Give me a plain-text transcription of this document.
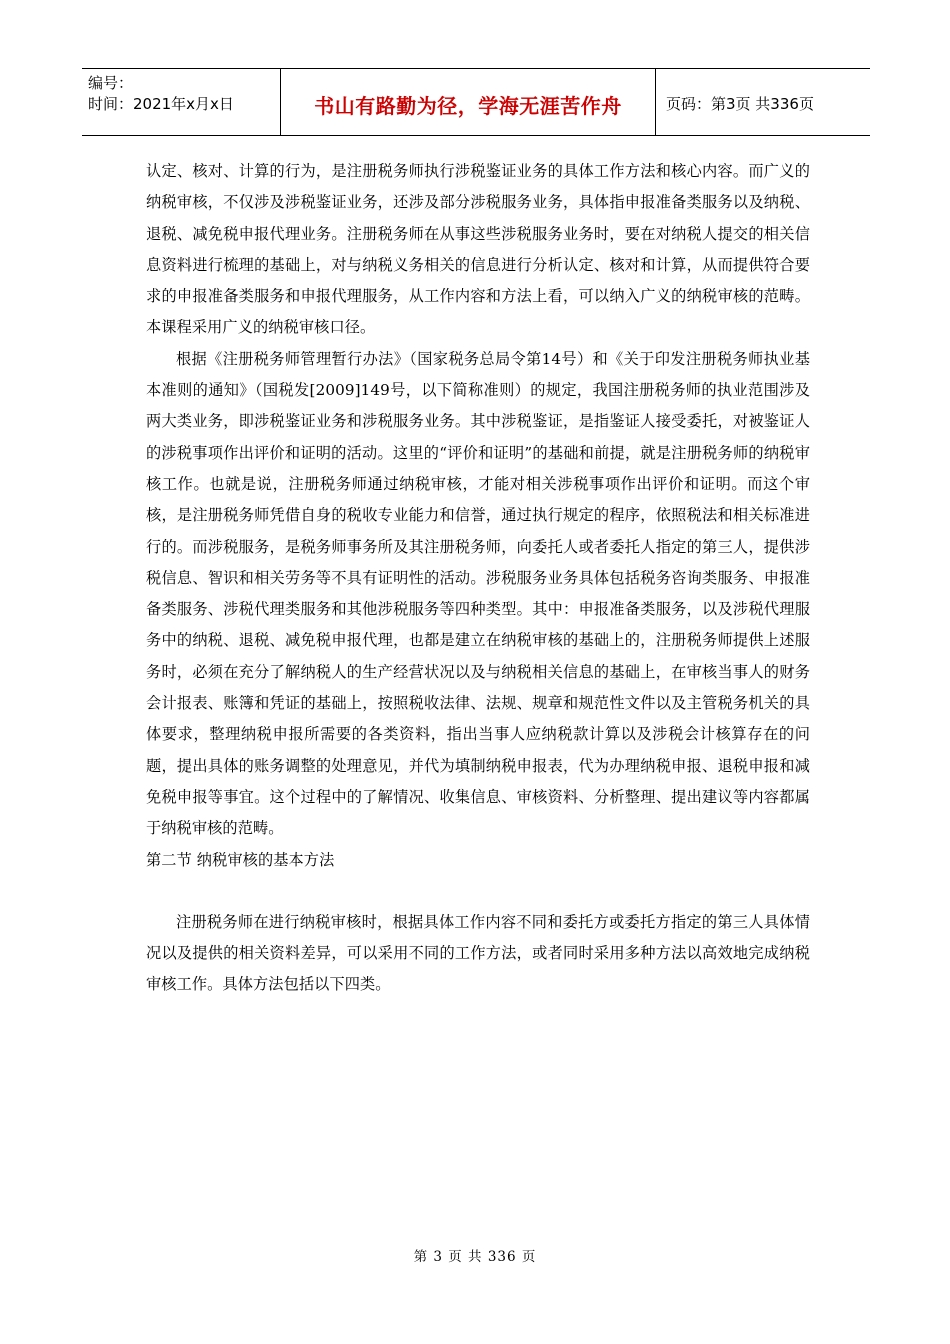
编号：
时间：2021年x月x日	书山有路勤为径，学海无涯苦作舟	页码：第3页 共336页

认定、核对、计算的行为，是注册税务师执行涉税鉴证业务的具体工作方法和核心内容。而广义的纳税审核，不仅涉及涉税鉴证业务，还涉及部分涉税服务业务，具体指申报准备类服务以及纳税、退税、减免税申报代理业务。注册税务师在从事这些涉税服务业务时，要在对纳税人提交的相关信息资料进行梳理的基础上，对与纳税义务相关的信息进行分析认定、核对和计算，从而提供符合要求的申报准备类服务和申报代理服务，从工作内容和方法上看，可以纳入广义的纳税审核的范畴。本课程采用广义的纳税审核口径。

根据《注册税务师管理暂行办法》（国家税务总局令第14号）和《关于印发注册税务师执业基本准则的通知》（国税发[2009]149号，以下简称准则）的规定，我国注册税务师的执业范围涉及两大类业务，即涉税鉴证业务和涉税服务业务。其中涉税鉴证，是指鉴证人接受委托，对被鉴证人的涉税事项作出评价和证明的活动。这里的“评价和证明”的基础和前提，就是注册税务师的纳税审核工作。也就是说，注册税务师通过纳税审核，才能对相关涉税事项作出评价和证明。而这个审核，是注册税务师凭借自身的税收专业能力和信誉，通过执行规定的程序，依照税法和相关标准进行的。而涉税服务，是税务师事务所及其注册税务师，向委托人或者委托人指定的第三人，提供涉税信息、智识和相关劳务等不具有证明性的活动。涉税服务业务具体包括税务咨询类服务、申报准备类服务、涉税代理类服务和其他涉税服务等四种类型。其中：申报准备类服务，以及涉税代理服务中的纳税、退税、减免税申报代理，也都是建立在纳税审核的基础上的，注册税务师提供上述服务时，必须在充分了解纳税人的生产经营状况以及与纳税相关信息的基础上，在审核当事人的财务会计报表、账簿和凭证的基础上，按照税收法律、法规、规章和规范性文件以及主管税务机关的具体要求，整理纳税申报所需要的各类资料，指出当事人应纳税款计算以及涉税会计核算存在的问题，提出具体的账务调整的处理意见，并代为填制纳税申报表，代为办理纳税申报、退税申报和减免税申报等事宜。这个过程中的了解情况、收集信息、审核资料、分析整理、提出建议等内容都属于纳税审核的范畴。

第二节 纳税审核的基本方法

注册税务师在进行纳税审核时，根据具体工作内容不同和委托方或委托方指定的第三人具体情况以及提供的相关资料差异，可以采用不同的工作方法，或者同时采用多种方法以高效地完成纳税审核工作。具体方法包括以下四类。

第 3 页 共 336 页
